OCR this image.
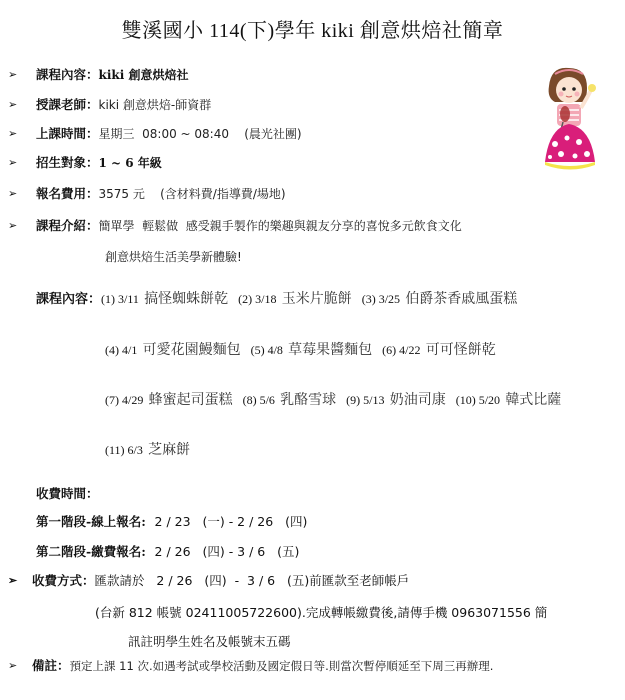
雙溪國小 114(下)學年 kiki 創意烘焙社簡章
➢ 課程內容：kiki 創意烘焙社
➢ 授課老師：kiki 創意烘焙-師資群
➢ 上課時間：星期三  08:00 ~ 08:40    (晨光社團)
➢ 招生對象：1 ~ 6 年級
➢ 報名費用：3575 元    (含材料費/指導費/場地)
➢ 課程介紹：簡單學  輕鬆做  感受親手製作的樂趣與親友分享的喜悅多元飲食文化
創意烘焙生活美學新體驗!
課程內容：(1) 3/11 搞怪蜘蛛餅乾 (2) 3/18 玉米片脆餅 (3) 3/25 伯爵茶香戚風蛋糕
(4) 4/1 可愛花園鰻麵包 (5) 4/8 草莓果醬麵包 (6) 4/22 可可怪餅乾
(7) 4/29 蜂蜜起司蛋糕 (8) 5/6 乳酪雪球 (9) 5/13 奶油司康 (10) 5/20 韓式比薩
(11) 6/3 芝麻餅
收費時間：
第一階段-線上報名: 2 / 23   (一) - 2 / 26   (四)
第二階段-繳費報名: 2 / 26   (四) - 3 / 6   (五)
➢ 收費方式：匯款請於   2 / 26   (四)  -  3 / 6   (五)前匯款至老師帳戶
(台新 812 帳號 02411005722600).完成轉帳繳費後,請傳手機 0963071556 簡
訊註明學生姓名及帳號末五碼
➢ 備註：預定上課 11 次.如遇考試或學校活動及國定假日等.則當次暫停順延至下周三再辦理.
